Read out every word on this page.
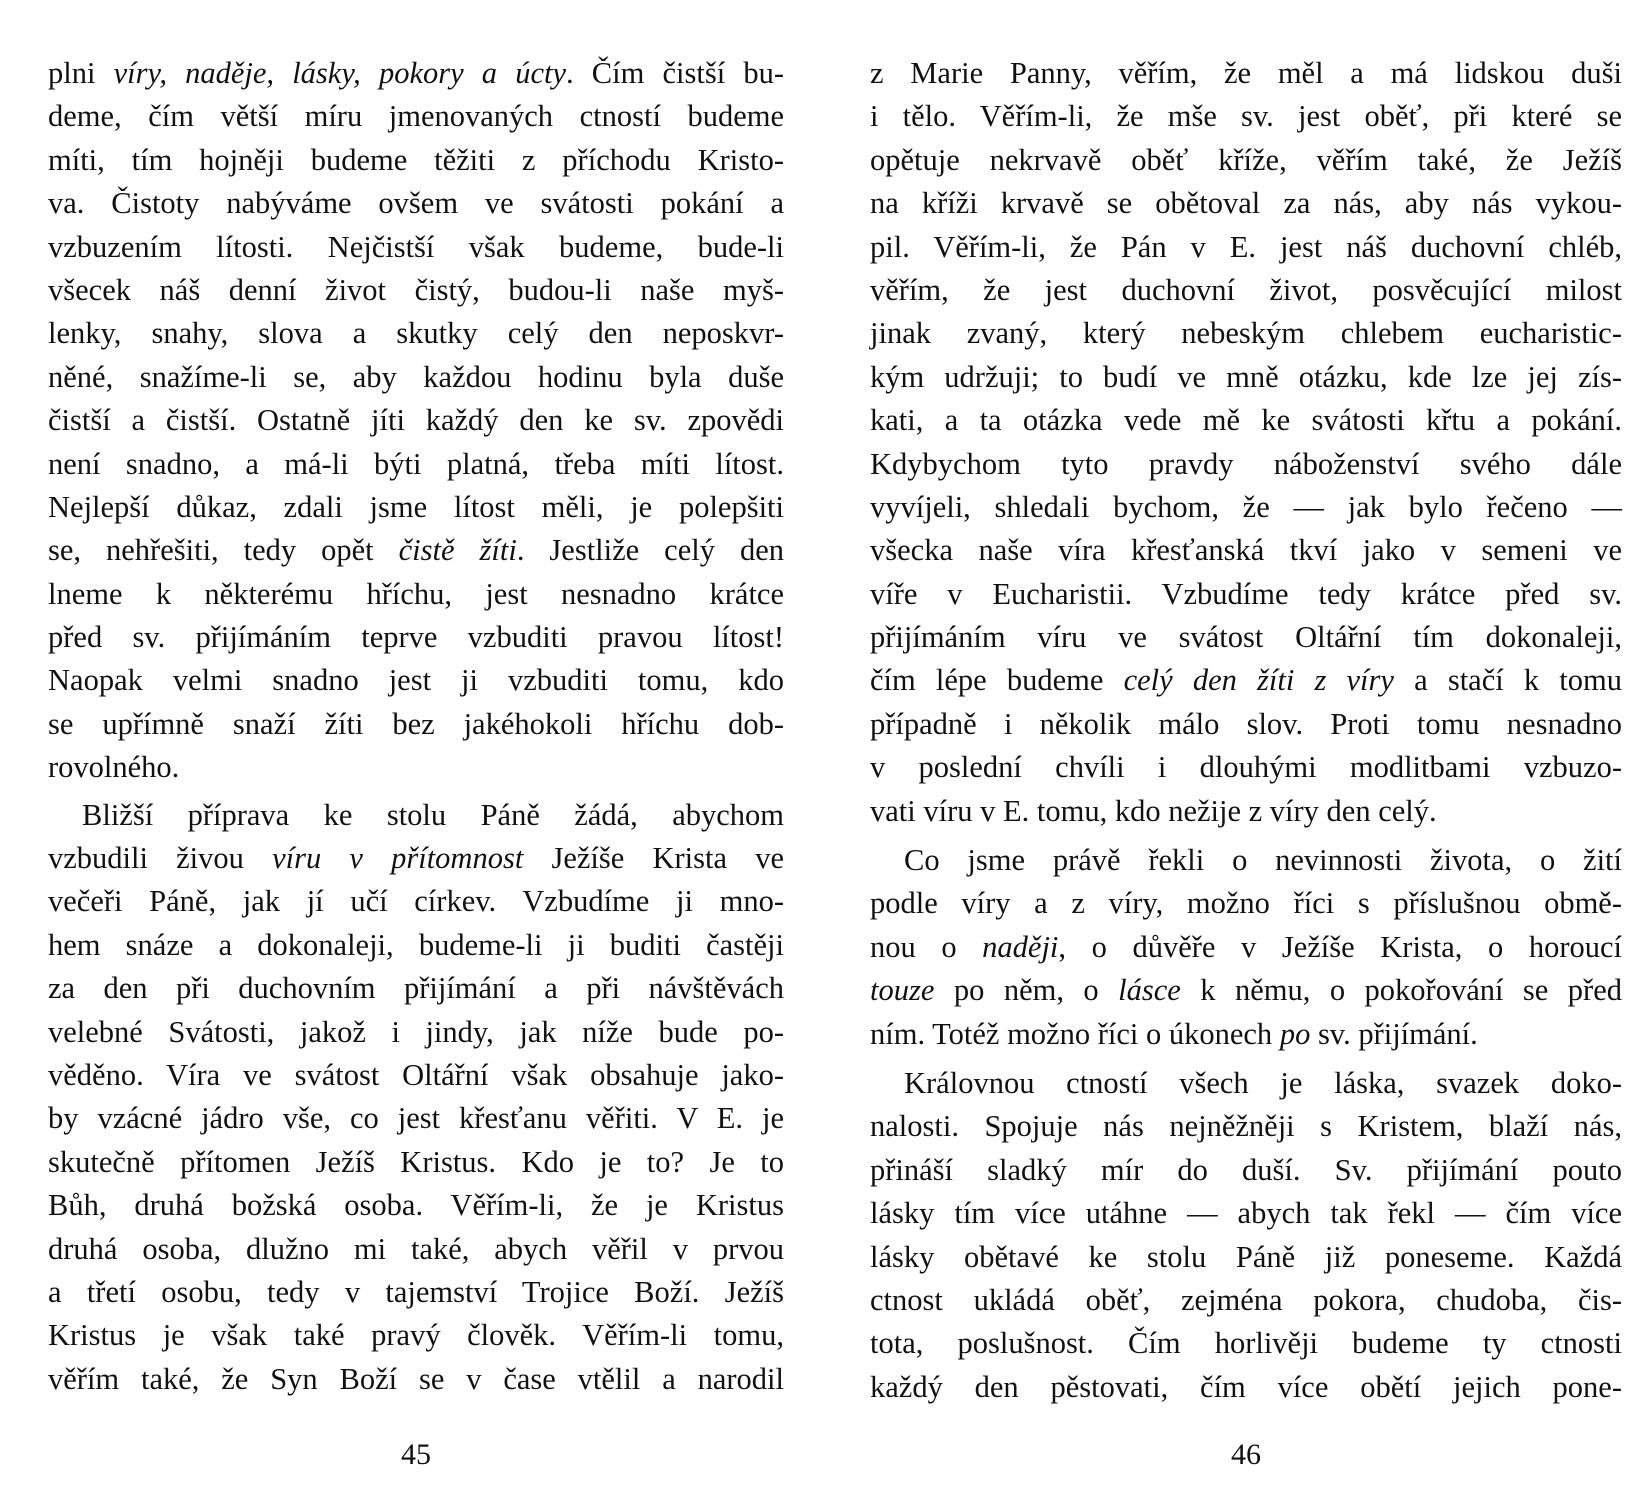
plni víry, naděje, lásky, pokory a úcty. Čím čistší bu-
deme, čím větší míru jmenovaných ctností budeme
míti, tím hojněji budeme těžiti z příchodu Kristo-
va. Čistoty nabýváme ovšem ve svátosti pokání a
vzbuzením lítosti. Nejčistší však budeme, bude-li
všecek náš denní život čistý, budou-li naše myš-
lenky, snahy, slova a skutky celý den neposkvr-
něné, snažíme-li se, aby každou hodinu byla duše
čistší a čistší. Ostatně jíti každý den ke sv. zpovědi
není snadno, a má-li býti platná, třeba míti lítost.
Nejlepší důkaz, zdali jsme lítost měli, je polepšiti
se, nehřešiti, tedy opět čistě žíti. Jestliže celý den
lneme k některému hříchu, jest nesnadno krátce
před sv. přijímáním teprve vzbuditi pravou lítost!
Naopak velmi snadno jest ji vzbuditi tomu, kdo
se upřímně snaží žíti bez jakéhokoli hříchu dob-
rovolného.
Bližší příprava ke stolu Páně žádá, abychom
vzbudili živou víru v přítomnost Ježíše Krista ve
večeři Páně, jak jí učí církev. Vzbudíme ji mno-
hem snáze a dokonaleji, budeme-li ji buditi častěji
za den při duchovním přijímání a při návštěvách
velebné Svátosti, jakož i jindy, jak níže bude po-
věděno. Víra ve svátost Oltářní však obsahuje jako-
by vzácné jádro vše, co jest křesťanu věřiti. V E. je
skutečně přítomen Ježíš Kristus. Kdo je to? Je to
Bůh, druhá božská osoba. Věřím-li, že je Kristus
druhá osoba, dlužno mi také, abych věřil v prvou
a třetí osobu, tedy v tajemství Trojice Boží. Ježíš
Kristus je však také pravý člověk. Věřím-li tomu,
věřím také, že Syn Boží se v čase vtělil a narodil
z Marie Panny, věřím, že měl a má lidskou duši
i tělo. Věřím-li, že mše sv. jest oběť, při které se
opětuje nekrvavě oběť kříže, věřím také, že Ježíš
na kříži krvavě se obětoval za nás, aby nás vykou-
pil. Věřím-li, že Pán v E. jest náš duchovní chléb,
věřím, že jest duchovní život, posvěcující milost
jinak zvaný, který nebeským chlebem eucharistic-
kým udržuji; to budí ve mně otázku, kde lze jej zís-
kati, a ta otázka vede mě ke svátosti křtu a pokání.
Kdybychom tyto pravdy náboženství svého dále
vyvíjeli, shledali bychom, že — jak bylo řečeno —
všecka naše víra křesťanská tkví jako v semeni ve
víře v Eucharistii. Vzbudíme tedy krátce před sv.
přijímáním víru ve svátost Oltářní tím dokonaleji,
čím lépe budeme celý den žíti z víry a stačí k tomu
případně i několik málo slov. Proti tomu nesnadno
v poslední chvíli i dlouhými modlitbami vzbuzo-
vati víru v E. tomu, kdo nežije z víry den celý.
Co jsme právě řekli o nevinnosti života, o žití
podle víry a z víry, možno říci s příslušnou obmě-
nou o naději, o důvěře v Ježíše Krista, o horoucí
touze po něm, o lásce k němu, o pokořování se před
ním. Totéž možno říci o úkonech po sv. přijímání.
Královnou ctností všech je láska, svazek doko-
nalosti. Spojuje nás nejněžněji s Kristem, blaží nás,
přináší sladký mír do duší. Sv. přijímání pouto
lásky tím více utáhne — abych tak řekl — čím více
lásky obětavé ke stolu Páně již poneseme. Každá
ctnost ukládá oběť, zejména pokora, chudoba, čis-
tota, poslušnost. Čím horlivěji budeme ty ctnosti
každý den pěstovati, čím více obětí jejich pone-
45	46
